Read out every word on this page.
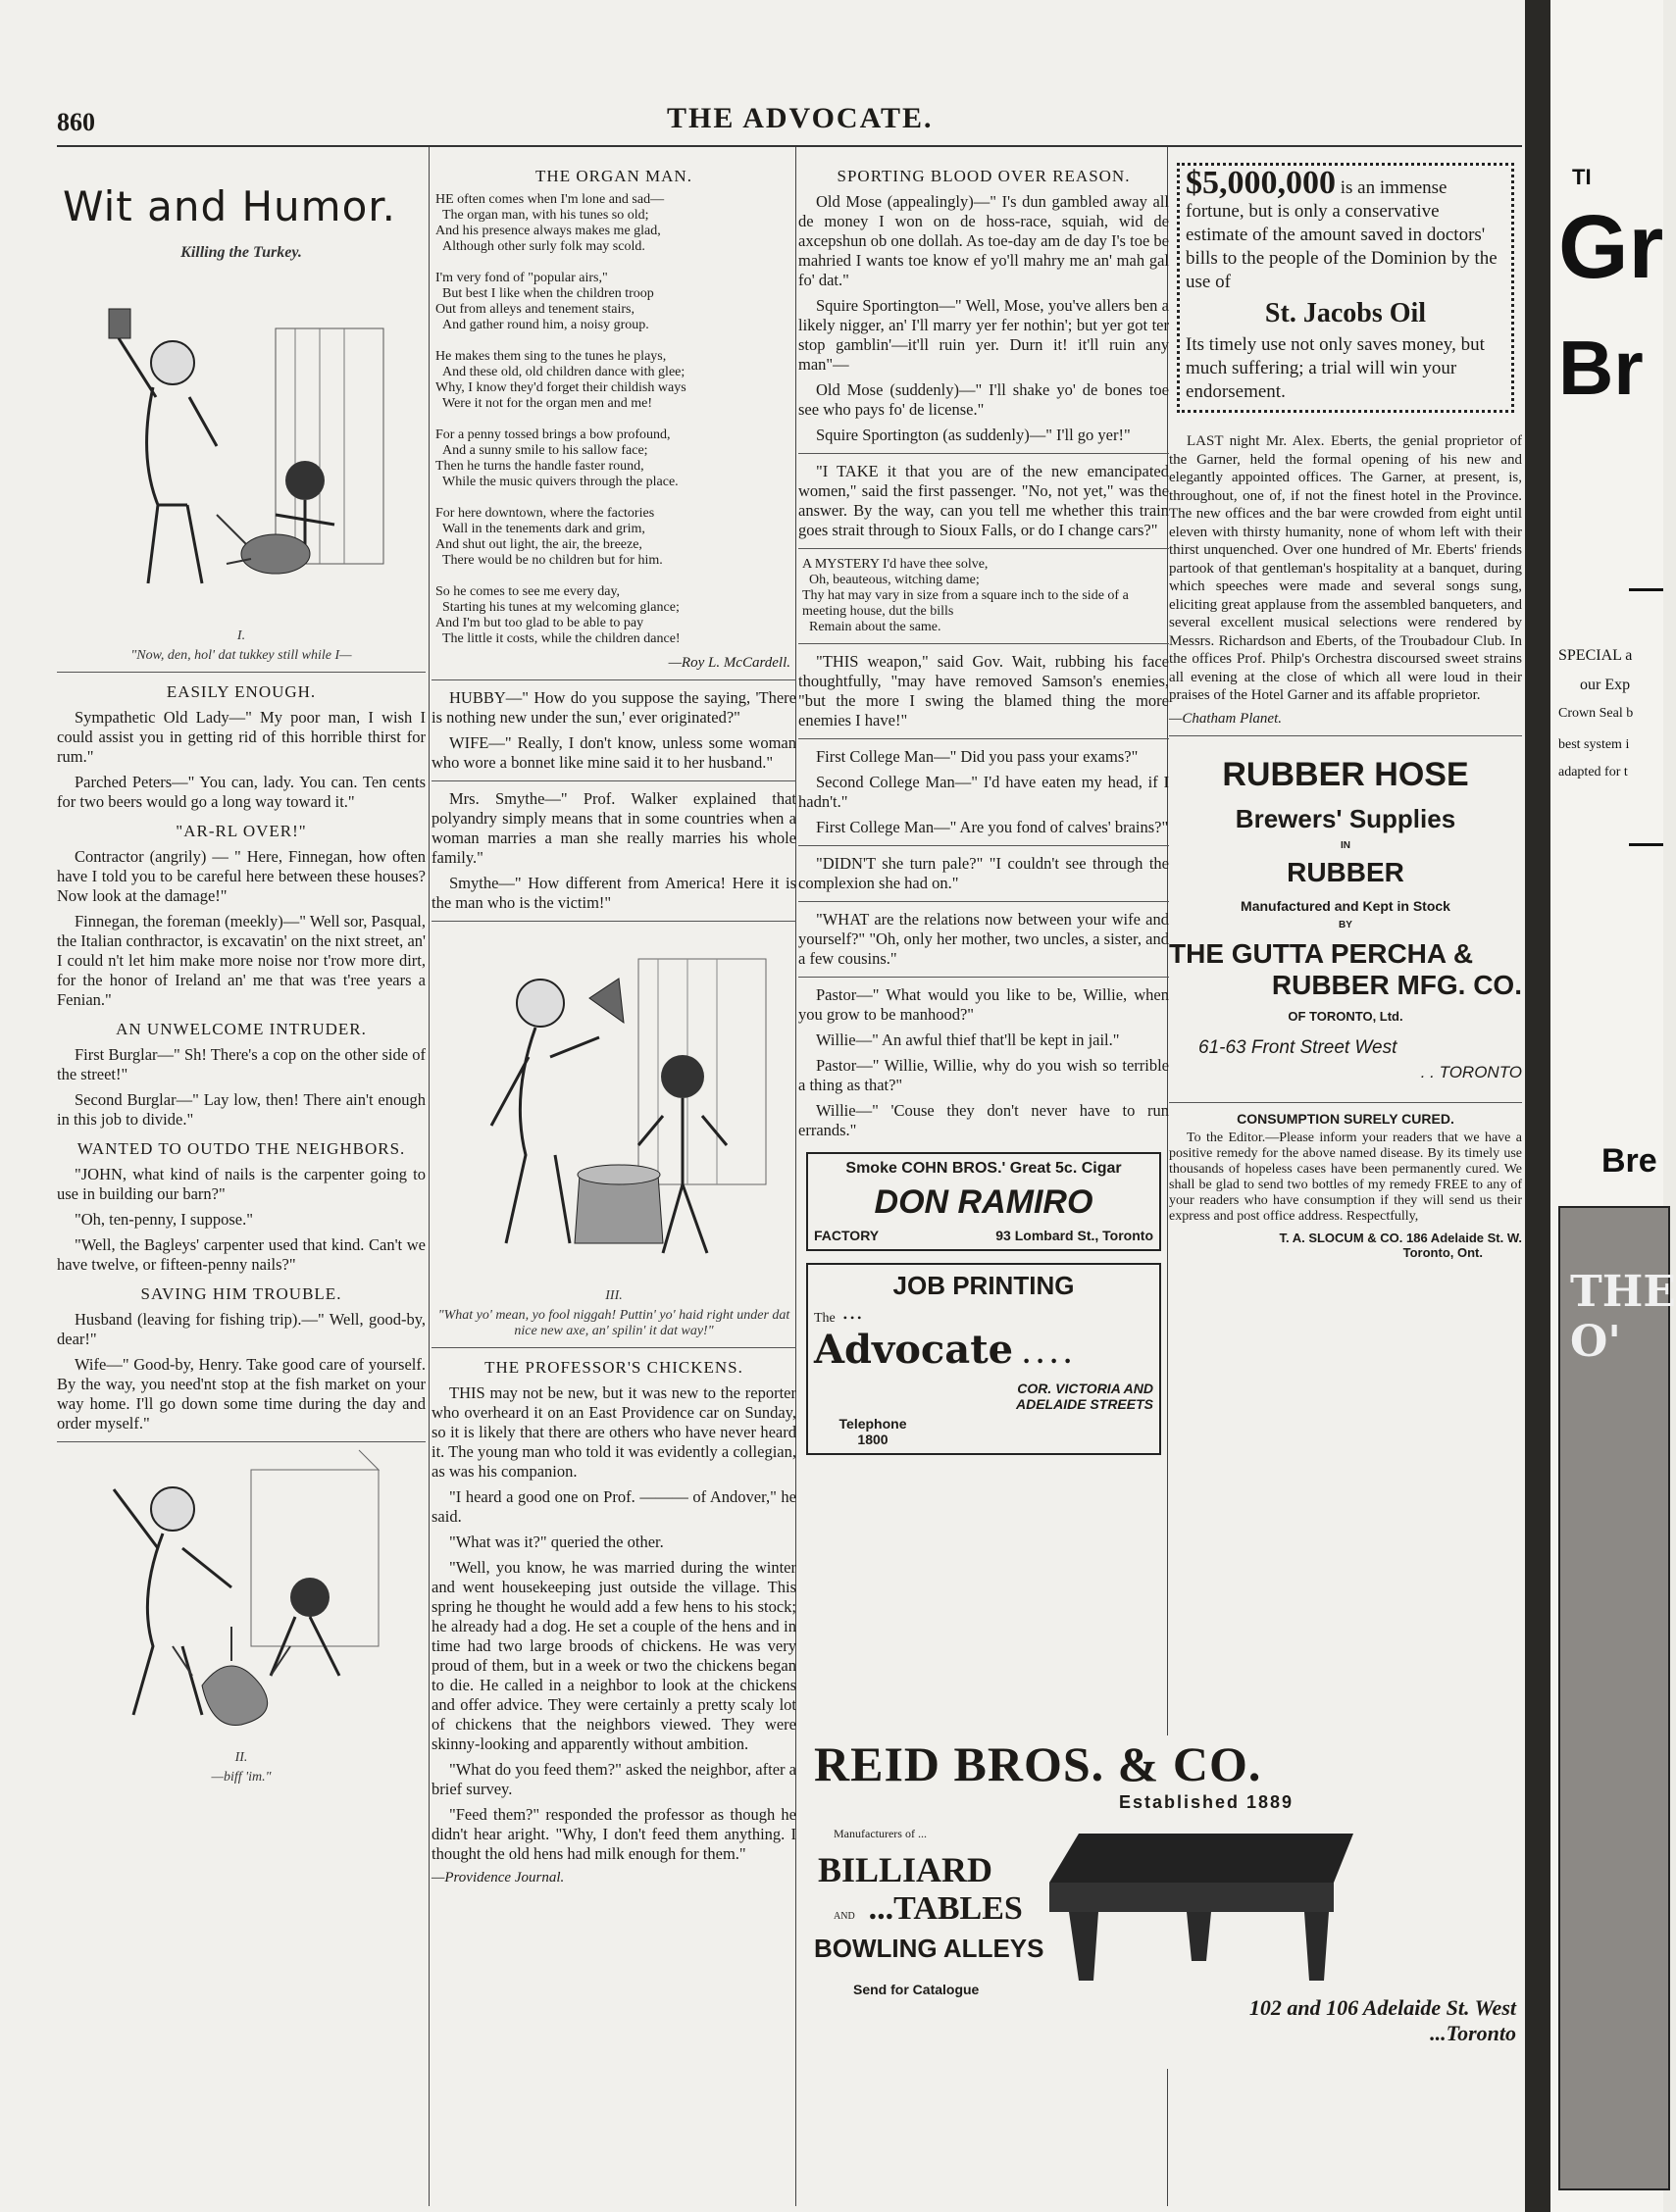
860	THE ADVOCATE.
Wit and Humor.
Killing the Turkey.
I.
"Now, den, hol' dat tukkey still while I—
EASILY ENOUGH.

Sympathetic Old Lady—" My poor man, I wish I could assist you in getting rid of this horrible thirst for rum."

Parched Peters—" You can, lady. You can. Ten cents for two beers would go a long way toward it."

"AR-RL OVER!"

Contractor (angrily) — " Here, Finnegan, how often have I told you to be careful here between these houses? Now look at the damage!"

Finnegan, the foreman (meekly)—" Well sor, Pasqual, the Italian conthractor, is excavatin' on the nixt street, an' I could n't let him make more noise nor t'row more dirt, for the honor of Ireland an' me that was t'ree years a Fenian."

AN UNWELCOME INTRUDER.

First Burglar—" Sh! There's a cop on the other side of the street!"

Second Burglar—" Lay low, then! There ain't enough in this job to divide."

WANTED TO OUTDO THE NEIGHBORS.

"JOHN, what kind of nails is the carpenter going to use in building our barn?"

"Oh, ten-penny, I suppose."

"Well, the Bagleys' carpenter used that kind. Can't we have twelve, or fifteen-penny nails?"

SAVING HIM TROUBLE.

Husband (leaving for fishing trip).—" Well, good-by, dear!"

Wife—" Good-by, Henry. Take good care of yourself. By the way, you need'nt stop at the fish market on your way home. I'll go down some time during the day and order myself."

II.
—biff 'im."
THE ORGAN MAN.
HE often comes when I'm lone and sad—
The organ man, with his tunes so old;
And his presence always makes me glad,
Although other surly folk may scold.

I'm very fond of "popular airs,"
But best I like when the children troop
Out from alleys and tenement stairs,
And gather round him, a noisy group.

He makes them sing to the tunes he plays,
And these old, old children dance with glee;
Why, I know they'd forget their childish ways
Were it not for the organ men and me!

For a penny tossed brings a bow profound,
And a sunny smile to his sallow face;
Then he turns the handle faster round,
While the music quivers through the place.

For here downtown, where the factories
Wall in the tenements dark and grim,
And shut out light, the air, the breeze,
There would be no children but for him.

So he comes to see me every day,
Starting his tunes at my welcoming glance;
And I'm but too glad to be able to pay
The little it costs, while the children dance!
—Roy L. McCardell.

HUBBY—" How do you suppose the saying, 'There is nothing new under the sun,' ever originated?"

WIFE—" Really, I don't know, unless some woman who wore a bonnet like mine said it to her husband."

Mrs. Smythe—" Prof. Walker explained that polyandry simply means that in some countries when a woman marries a man she really marries his whole family."

Smythe—" How different from America! Here it is the man who is the victim!"

III.
"What yo' mean, yo fool niggah! Puttin' yo' haid right under dat nice new axe, an' spilin' it dat way!"
THE PROFESSOR'S CHICKENS.

THIS may not be new, but it was new to the reporter who overheard it on an East Providence car on Sunday, so it is likely that there are others who have never heard it. The young man who told it was evidently a collegian, as was his companion.

"I heard a good one on Prof. ——— of Andover," he said.

"What was it?" queried the other.

"Well, you know, he was married during the winter and went housekeeping just outside the village. This spring he thought he would add a few hens to his stock; he already had a dog. He set a couple of the hens and in time had two large broods of chickens. He was very proud of them, but in a week or two the chickens began to die. He called in a neighbor to look at the chickens and offer advice. They were certainly a pretty scaly lot of chickens that the neighbors viewed. They were skinny-looking and apparently without ambition.

"What do you feed them?" asked the neighbor, after a brief survey.

"Feed them?" responded the professor as though he didn't hear aright. "Why, I don't feed them anything. I thought the old hens had milk enough for them."

—Providence Journal.
SPORTING BLOOD OVER REASON.

Old Mose (appealingly)—" I's dun gambled away all de money I won on de hoss-race, squiah, wid de axcepshun ob one dollah. As toe-day am de day I's toe be mahried I wants toe know ef yo'll mahry me an' mah gal fo' dat."

Squire Sportington—" Well, Mose, you've allers ben a likely nigger, an' I'll marry yer fer nothin'; but yer got ter stop gamblin'—it'll ruin yer. Durn it! it'll ruin any man"—

Old Mose (suddenly)—" I'll shake yo' de bones toe see who pays fo' de license."

Squire Sportington (as suddenly)—" I'll go yer!"

"I TAKE it that you are of the new emancipated women," said the first passenger. "No, not yet," was the answer. By the way, can you tell me whether this train goes strait through to Sioux Falls, or do I change cars?"

A MYSTERY I'd have thee solve,
Oh, beauteous, witching dame;
Thy hat may vary in size from a square inch to the side of a meeting house, dut the bills
Remain about the same.

"THIS weapon," said Gov. Wait, rubbing his face thoughtfully, "may have removed Samson's enemies, "but the more I swing the blamed thing the more enemies I have!"

First College Man—" Did you pass your exams?"

Second College Man—" I'd have eaten my head, if I hadn't."

First College Man—" Are you fond of calves' brains?"

"DIDN'T she turn pale?" "I couldn't see through the complexion she had on."

"WHAT are the relations now between your wife and yourself?" "Oh, only her mother, two uncles, a sister, and a few cousins."

Pastor—" What would you like to be, Willie, when you grow to be manhood?"

Willie—" An awful thief that'll be kept in jail."

Pastor—" Willie, Willie, why do you wish so terrible a thing as that?"

Willie—" 'Couse they don't never have to run errands."

Smoke COHN BROS.' Great 5c. Cigar
DON RAMIRO
FACTORY	93 Lombard St., Toronto
JOB PRINTING
The • • •
Advocate . . . .
COR. VICTORIA AND
ADELAIDE STREETS
Telephone
1800
$5,000,000 is an immense fortune, but is only a conservative estimate of the amount saved in doctors' bills to the people of the Dominion by the use of
St. Jacobs Oil
Its timely use not only saves money, but much suffering; a trial will win your endorsement.

LAST night Mr. Alex. Eberts, the genial proprietor of the Garner, held the formal opening of his new and elegantly appointed offices. The Garner, at present, is, throughout, one of, if not the finest hotel in the Province. The new offices and the bar were crowded from eight until eleven with thirsty humanity, none of whom left with their thirst unquenched. Over one hundred of Mr. Eberts' friends partook of that gentleman's hospitality at a banquet, during which speeches were made and several songs sung, eliciting great applause from the assembled banqueters, and several excellent musical selections were rendered by Messrs. Richardson and Eberts, of the Troubadour Club. In the offices Prof. Philp's Orchestra discoursed sweet strains all evening at the close of which all were loud in their praises of the Hotel Garner and its affable proprietor.

—Chatham Planet.
RUBBER HOSE
Brewers' Supplies
IN
RUBBER
Manufactured and Kept in Stock
BY
THE GUTTA PERCHA &
RUBBER MFG. CO.
OF TORONTO, Ltd.
61-63 Front Street West
. . TORONTO
CONSUMPTION SURELY CURED.

To the Editor.—Please inform your readers that we have a positive remedy for the above named disease. By its timely use thousands of hopeless cases have been permanently cured. We shall be glad to send two bottles of my remedy FREE to any of your readers who have consumption if they will send us their express and post office address. Respectfully,

T. A. SLOCUM & CO. 186 Adelaide St. W.
Toronto, Ont.
REID BROS. & CO.
Established 1889
Manufacturers of ...
BILLIARD
AND ...TABLES
BOWLING ALLEYS
Send for Catalogue
102 and 106 Adelaide St. West
...Toronto
TI
Gr
Br
SPECIAL a
our Exp
Crown Seal b
best system i
adapted for t
Bre
THE O'
